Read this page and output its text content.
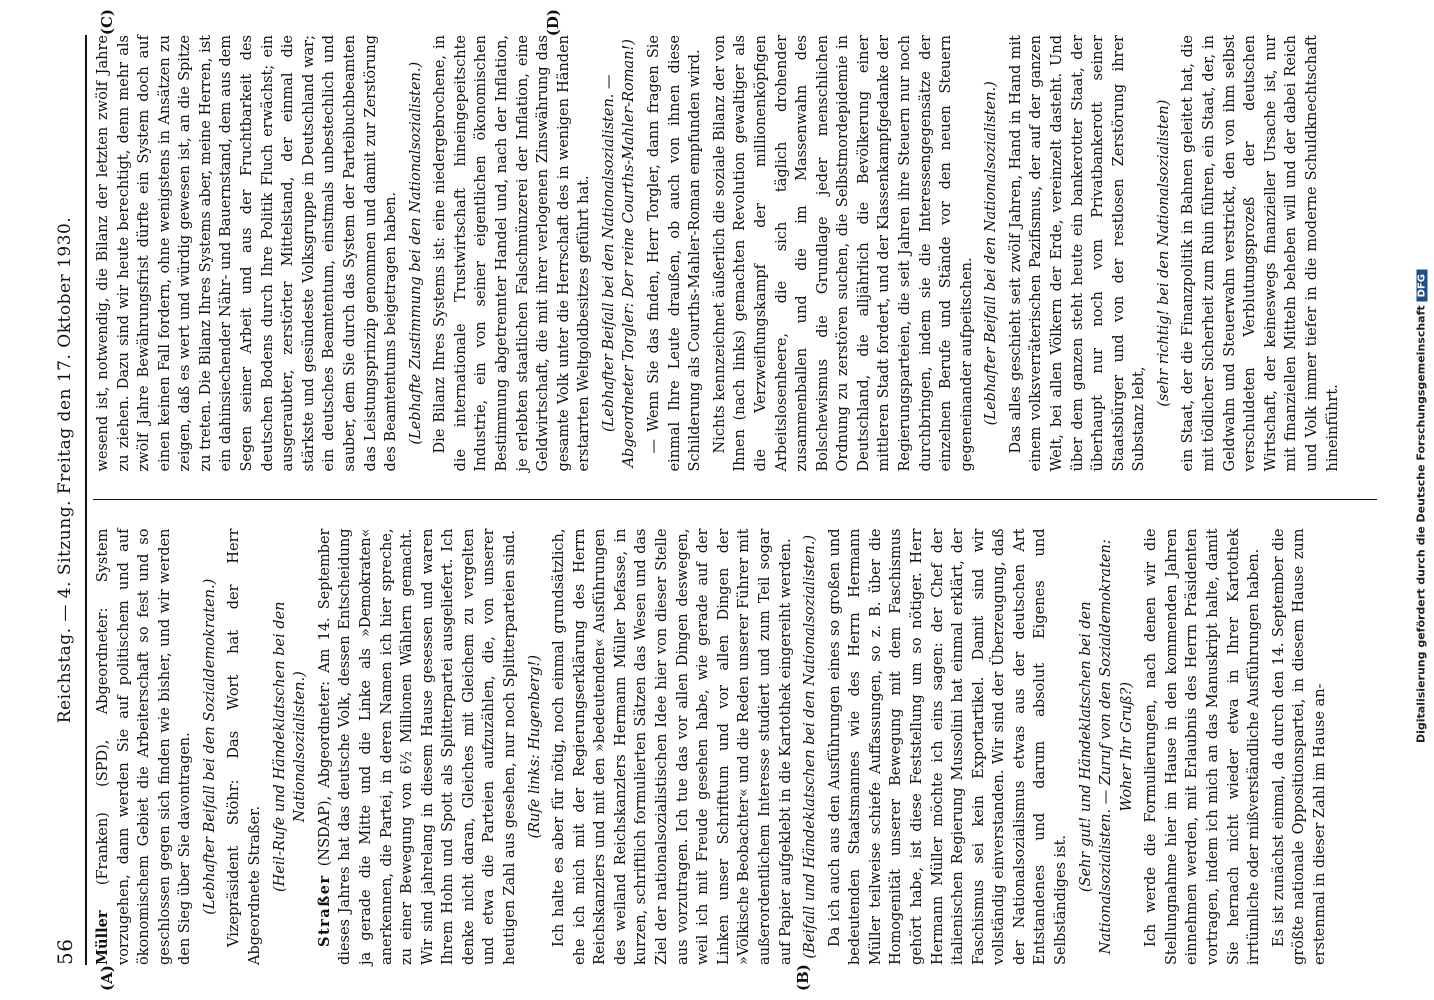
56
Reichstag. — 4. Sitzung. Freitag den 17. Oktober 1930.
(A)	(B)

Müller (Franken) (SPD), Abgeordneter: System vorzugehen, dann werden Sie auf politischem und auf ökonomischem Gebiet die Arbeiterschaft so fest und so geschlossen gegen sich finden wie bisher, und wir werden den Sieg über Sie davontragen. (Lebhafter Beifall bei den Sozialdemokraten.) Vizepräsident Stöhr: Das Wort hat der Herr Abgeordnete Straßer. (Heil-Rufe und Händeklatschen bei den Nationalsozialisten.)

Straßer (NSDAP), Abgeordneter: Am 14. September dieses Jahres hat das deutsche Volk, dessen Entscheidung ja gerade die Mitte und die Linke als »Demokraten« anerkennen, die Partei, in deren Namen ich hier spreche, zu einer Bewegung von 6½ Millionen Wählern gemacht. Wir sind jahrelang in diesem Hause gesessen und waren Ihrem Hohn und Spott als Splitterpartei ausgeliefert. Ich denke nicht daran, Gleiches mit Gleichem zu vergelten und etwa die Parteien aufzuzählen, die, von unserer heutigen Zahl aus gesehen, nur noch Splitterparteien sind. (Rufe links: Hugenberg!) Ich halte es aber für nötig, noch einmal grundsätzlich, ehe ich mich mit der Regierungserklärung des Herrn Reichskanzlers und mit den »bedeutenden« Ausführungen des weiland Reichskanzlers Hermann Müller befasse, in kurzen, schriftlich formulierten Sätzen das Wesen und das Ziel der nationalsozialistischen Idee hier von dieser Stelle aus vorzutragen. Ich tue das vor allen Dingen deswegen, weil ich mit Freude gesehen habe, wie gerade auf der Linken unser Schrifttum und vor allen Dingen der »Völkische Beobachter« und die Reden unserer Führer mit außerordentlichem Interesse studiert und zum Teil sogar auf Papier aufgeklebt in die Kartothek eingereiht werden. (Beifall und Händeklatschen bei den Nationalsozialisten.) Da ich auch aus den Ausführungen eines so großen und bedeutenden Staatsmannes wie des Herrn Hermann Müller teilweise schiefe Auffassungen, so z. B. über die Homogenität unserer Bewegung mit dem Faschismus gehört habe, ist diese Feststellung um so nötiger. Herr Hermann Müller möchte ich eins sagen: der Chef der italienischen Regierung Mussolini hat einmal erklärt, der Faschismus sei kein Exportartikel. Damit sind wir vollständig einverstanden. Wir sind der Überzeugung, daß der Nationalsozialismus etwas aus der deutschen Art Entstandenes und darum absolut Eigenes und Selbständiges ist.

(Sehr gut! und Händeklatschen bei den Nationalsozialisten. — Zuruf von den Sozialdemokraten: Woher Ihr Gruß?) Ich werde die Formulierungen, nach denen wir die Stellungnahme hier im Hause in den kommenden Jahren einnehmen werden, mit Erlaubnis des Herrn Präsidenten vortragen, indem ich mich an das Manuskript halte, damit Sie hernach nicht wieder etwa in Ihrer Kartothek irrtümliche oder mißverständliche Ausführungen haben. Es ist zunächst einmal, da durch den 14. September die größte nationale Oppositionspartei, in diesem Hause zum erstenmal in dieser Zahl im Hause an-

(C)	(D)

wesend ist, notwendig, die Bilanz der letzten zwölf Jahre zu ziehen. Dazu sind wir heute berechtigt, denn mehr als zwölf Jahre Bewährungsfrist dürfte ein System doch auf einen keinen Fall fordern, ohne wenigstens in Ansätzen zu zeigen, daß es wert und würdig gewesen ist, an die Spitze zu treten. Die Bilanz Ihres Systems aber, meine Herren, ist ein dahinsiechender Nähr- und Bauernstand, dem aus dem Segen seiner Arbeit und aus der Fruchtbarkeit des deutschen Bodens durch Ihre Politik Fluch erwächst; ein ausgeraubter, zerstörter Mittelstand, der einmal die stärkste und gesündeste Volksgruppe in Deutschland war; ein deutsches Beamtentum, einstmals unbestechlich und sauber, dem Sie durch das System der Parteibuchbeamten das Leistungsprinzip genommen und damit zur Zerstörung des Beamtentums beigetragen haben. (Lebhafte Zustimmung bei den Nationalsozialisten.) Die Bilanz Ihres Systems ist: eine niedergebrochene, in die internationale Trustwirtschaft hineingepeitschte Industrie, ein von seiner eigentlichen ökonomischen Bestimmung abgetrennter Handel und, nach der Inflation, je erlebten staatlichen Falschmünzerei der Inflation, eine Geldwirtschaft, die mit ihrer verlogenen Zinswährung das gesamte Volk unter die Herrschaft des in wenigen Händen erstarrten Weltgoldbesitzes geführt hat. (Lebhafter Beifall bei den Nationalsozialisten. — Abgeordneter Torgler: Der reine Courths-Mahler-Roman!) — Wenn Sie das finden, Herr Torgler, dann fragen Sie einmal Ihre Leute draußen, ob auch von ihnen diese Schilderung als Courths-Mahler-Roman empfunden wird. Nichts kennzeichnet äußerlich die soziale Bilanz der von Ihnen (nach links) gemachten Revolution gewaltiger als die Verzweiflungskampf der millionenköpfigen Arbeitslosenheere, die sich täglich drohender zusammenballen und die im Massenwahn des Bolschewismus die Grundlage jeder menschlichen Ordnung zu zerstören suchen, die Selbstmordepidemie in Deutschland, die alljährlich die Bevölkerung einer mittleren Stadt fordert, und der Klassenkampfgedanke der Regierungsparteien, die seit Jahren ihre Steuern nur noch durchbringen, indem sie die Interessengegensätze der einzelnen Berufe und Stände vor den neuen Steuern gegeneinander aufpeitschen. (Lebhafter Beifall bei den Nationalsozialisten.) Das alles geschieht seit zwölf Jahren, Hand in Hand mit einem volksverräterischen Pazifismus, der auf der ganzen Welt, bei allen Völkern der Erde, vereinzelt dasteht. Und über dem ganzen steht heute ein bankerotter Staat, der überhaupt nur noch vom Privatbankerott seiner Staatsbürger und von der restlosen Zerstörung ihrer Substanz lebt,

(sehr richtig! bei den Nationalsozialisten) ein Staat, der die Finanzpolitik in Bahnen geleitet hat, die mit tödlicher Sicherheit zum Ruin führen, ein Staat, der, in Geldwahn und Steuerwahn verstrickt, den von ihm selbst verschuldeten Verblutungsprozeß der deutschen Wirtschaft, der keineswegs finanzieller Ursache ist, nur mit finanziellen Mitteln beheben will und der dabei Reich und Volk immer tiefer in die moderne Schuldknechtschaft hineinführt.	Digitalisierung gefördert durch die Deutsche ForschungsgemeinschaftDFG
